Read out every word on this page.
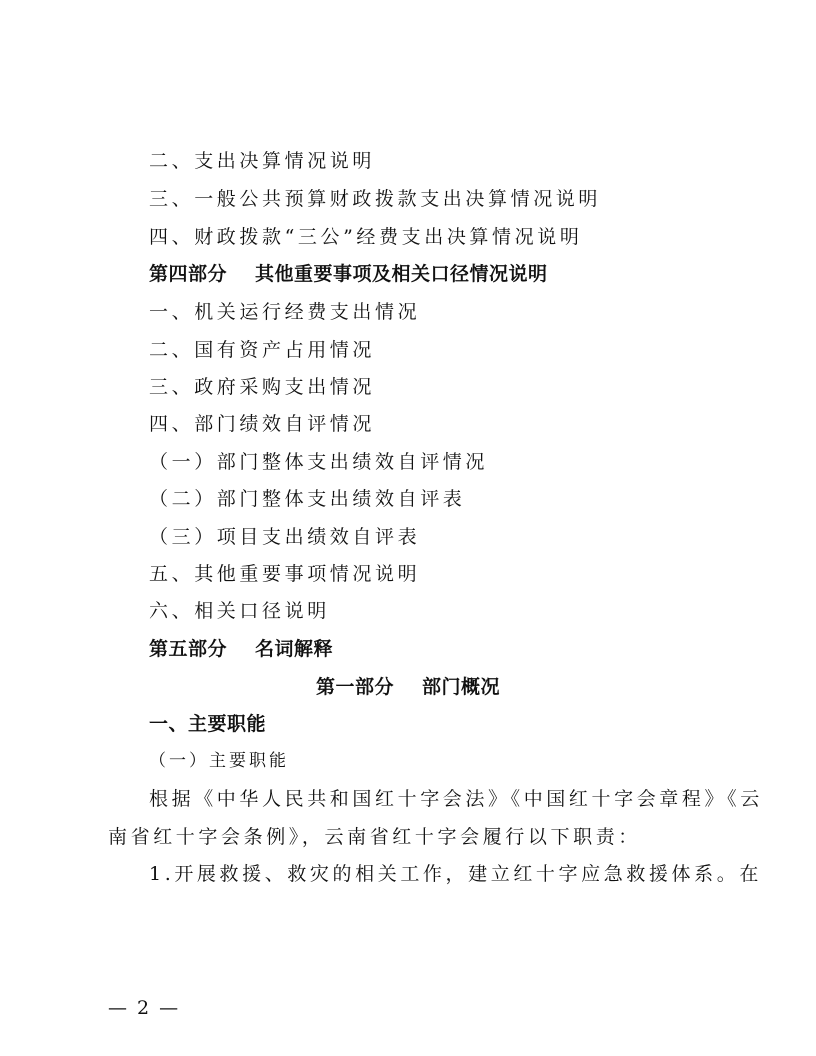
二、支出决算情况说明
三、一般公共预算财政拨款支出决算情况说明
四、财政拨款“三公”经费支出决算情况说明
第四部分 其他重要事项及相关口径情况说明
一、机关运行经费支出情况
二、国有资产占用情况
三、政府采购支出情况
四、部门绩效自评情况
（一）部门整体支出绩效自评情况
（二）部门整体支出绩效自评表
（三）项目支出绩效自评表
五、其他重要事项情况说明
六、相关口径说明
第五部分 名词解释
第一部分 部门概况
一、主要职能
（一）主要职能
根据《中华人民共和国红十字会法》《中国红十字会章程》《云
南省红十字会条例》，云南省红十字会履行以下职责：
1.开展救援、救灾的相关工作，建立红十字应急救援体系。在
— 2 —
